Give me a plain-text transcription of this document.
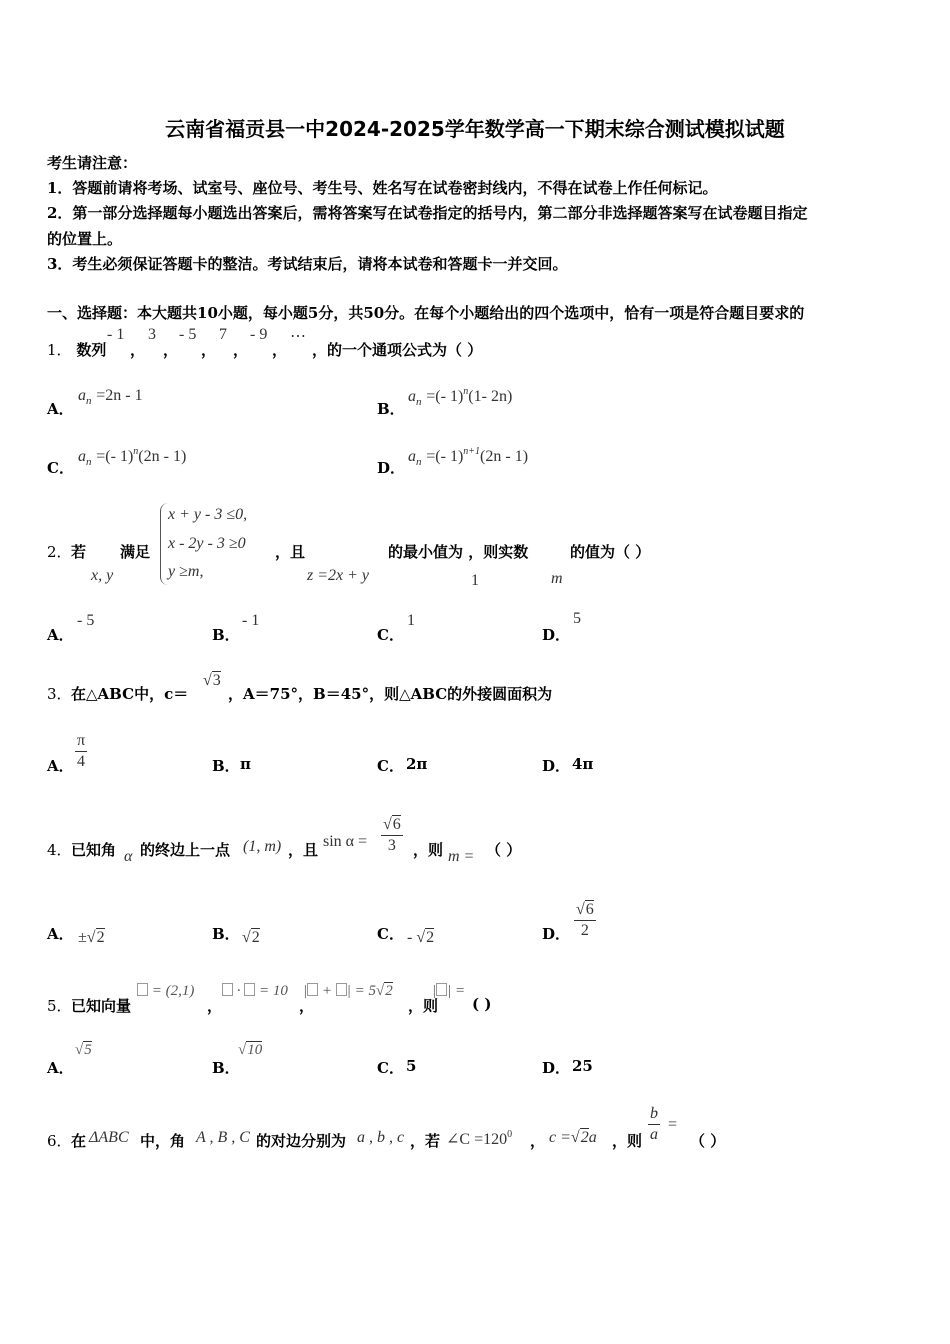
云南省福贡县一中2024-2025学年数学高一下期末综合测试模拟试题
考生请注意：
1．答题前请将考场、试室号、座位号、考生号、姓名写在试卷密封线内，不得在试卷上作任何标记。
2．第一部分选择题每小题选出答案后，需将答案写在试卷指定的括号内，第二部分非选择题答案写在试卷题目指定
的位置上。
3．考生必须保证答题卡的整洁。考试结束后，请将本试卷和答题卡一并交回。
一、选择题：本大题共10小题，每小题5分，共50分。在每个小题给出的四个选项中，恰有一项是符合题目要求的
1． 数列
- 1
，
3
，
- 5
，
7
，
- 9
，
⋯
，的一个通项公式为（ ）
A．
$a_n =2n - 1$
B．
$a_n$ =(- 1)$^n$(1- 2n)
C．
$a_n$ =(- 1)$^n$(2n - 1)
D．
$a_n$ =(- 1)$^{n+1}$(2n - 1)
2． 若 满足
x, y
x + y - 3 ≤0,
x - 2y - 3 ≥0
y ≥m,
，且
z =2x + y
的最小值为 ，则实数
1	m
的值为（ ）
A．
- 5
B．
- 1
C．
1
D．
5
3． 在△ABC中，c＝
√3
，A＝75°，B＝45°，则△ABC的外接圆面积为
A． $\frac{\pi}{4}$	B． π	C． 2π	D． 4π
4． 已知角 α 的终边上一点 (1, m) ，且 $\sin \alpha = \frac{√6}{3}$ ，则 m = （ ）
A． ±√2	B． √2	C． - √2	D． $\frac{√6}{2}$
5． 已知向量
= (2,1)
，
·  = 10
，
| + | = 5√2
，则
| | =
( )
A．
√5
B．
√10
C． 5	D． 25
6． 在 ΔABC 中，角 A , B , C 的对边分别为 a , b , c ，若 ∠C $=120^0$ ， c =√2a ，则 $\frac{b}{a}$ =
（ ）
